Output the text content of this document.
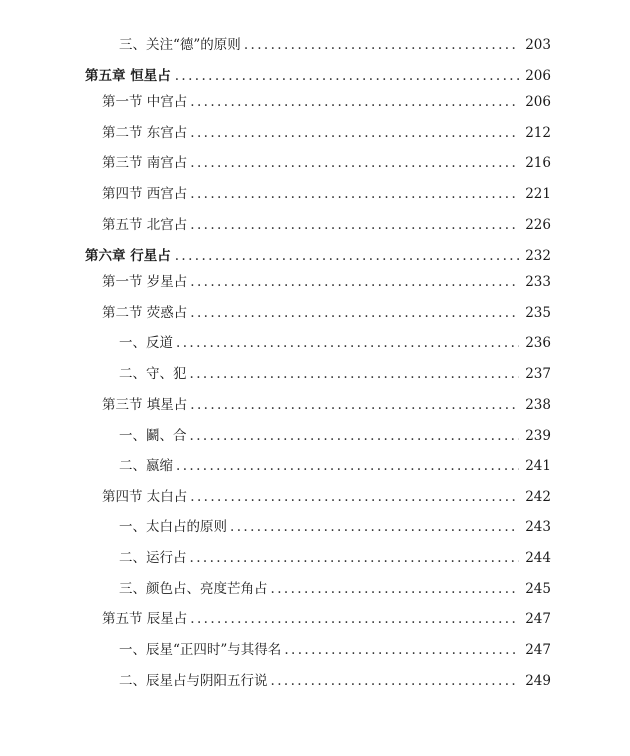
三、关注“德”的原则 .....	203
第五章 恒星占 .....	206
第一节 中宫占 .....	206
第二节 东宫占 .....	212
第三节 南宫占 .....	216
第四节 西宫占 .....	221
第五节 北宫占 .....	226
第六章 行星占 .....	232
第一节 岁星占 .....	233
第二节 荧惑占 .....	235
一、反道 .....	236
二、守、犯 .....	237
第三节 填星占 .....	238
一、鬬、合 .....	239
二、嬴缩 .....	241
第四节 太白占 .....	242
一、太白占的原则 .....	243
二、运行占 .....	244
三、颜色占、亮度芒角占 .....	245
第五节 辰星占 .....	247
一、辰星“正四时”与其得名 .....	247
二、辰星占与阴阳五行说 .....	249
